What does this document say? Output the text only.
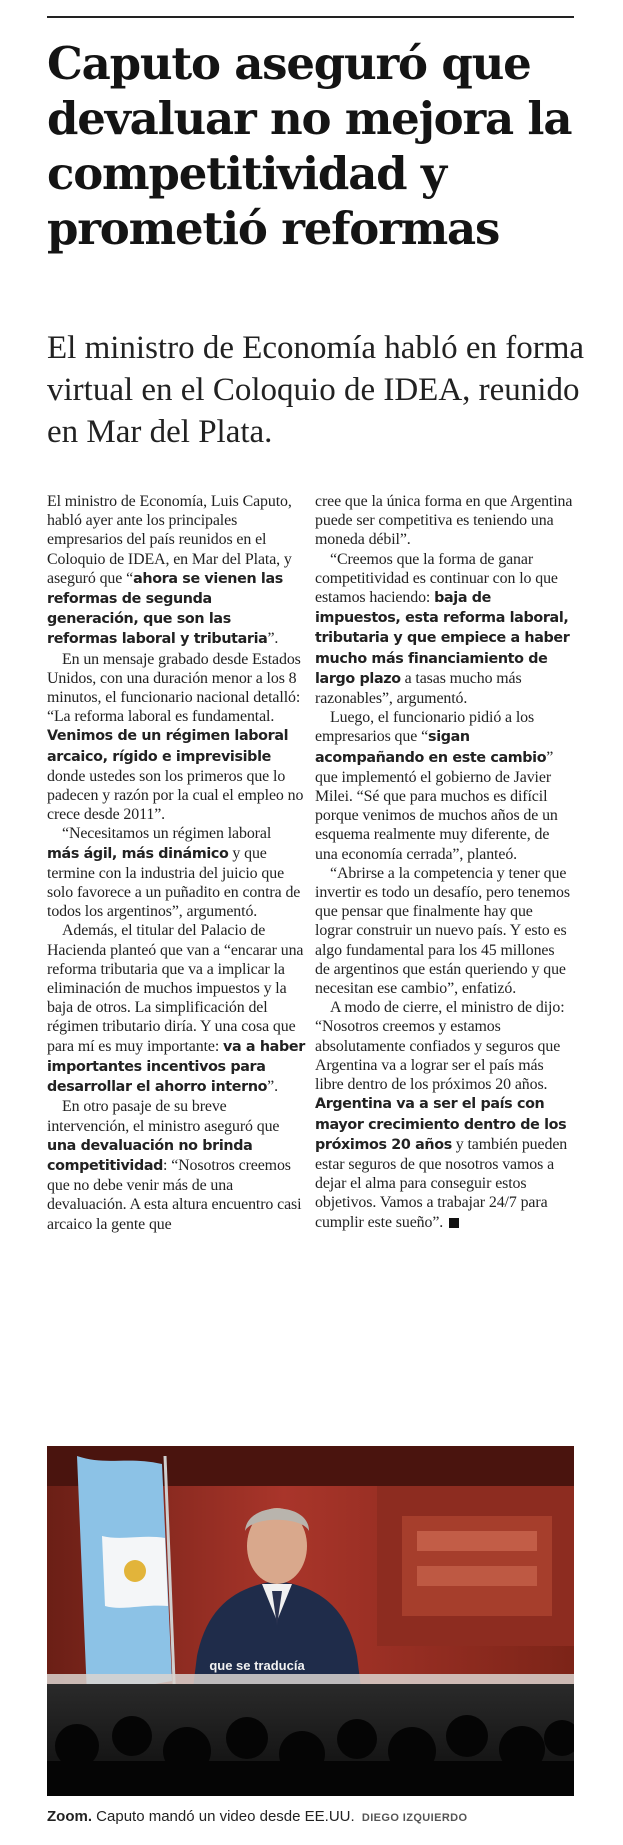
Caputo aseguró que devaluar no mejora la competitividad y prometió reformas

El ministro de Economía habló en forma virtual en el Coloquio de IDEA, reunido en Mar del Plata.

El ministro de Economía, Luis Caputo, habló ayer ante los principales empresarios del país reunidos en el Coloquio de IDEA, en Mar del Plata, y aseguró que “ahora se vienen las reformas de segunda generación, que son las reformas laboral y tributaria”.

En un mensaje grabado desde Estados Unidos, con una duración menor a los 8 minutos, el funcionario nacional detalló: “La reforma laboral es fundamental. Venimos de un régimen laboral arcaico, rígido e imprevisible donde ustedes son los primeros que lo padecen y razón por la cual el empleo no crece desde 2011”.

“Necesitamos un régimen laboral más ágil, más dinámico y que termine con la industria del juicio que solo favorece a un puñadito en contra de todos los argentinos”, argumentó.

Además, el titular del Palacio de Hacienda planteó que van a “encarar una reforma tributaria que va a implicar la eliminación de muchos impuestos y la baja de otros. La simplificación del régimen tributario diría. Y una cosa que para mí es muy importante: va a haber importantes incentivos para desarrollar el ahorro interno”.

En otro pasaje de su breve intervención, el ministro aseguró que una devaluación no brinda competitividad: “Nosotros creemos que no debe venir más de una devaluación. A esta altura encuentro casi arcaico la gente que

cree que la única forma en que Argentina puede ser competitiva es teniendo una moneda débil”.

“Creemos que la forma de ganar competitividad es continuar con lo que estamos haciendo: baja de impuestos, esta reforma laboral, tributaria y que empiece a haber mucho más financiamiento de largo plazo a tasas mucho más razonables”, argumentó.

Luego, el funcionario pidió a los empresarios que “sigan acompañando en este cambio” que implementó el gobierno de Javier Milei. “Sé que para muchos es difícil porque venimos de muchos años de un esquema realmente muy diferente, de una economía cerrada”, planteó.

“Abrirse a la competencia y tener que invertir es todo un desafío, pero tenemos que pensar que finalmente hay que lograr construir un nuevo país. Y esto es algo fundamental para los 45 millones de argentinos que están queriendo y que necesitan ese cambio”, enfatizó.

A modo de cierre, el ministro de dijo: “Nosotros creemos y estamos absolutamente confiados y seguros que Argentina va a lograr ser el país más libre dentro de los próximos 20 años. Argentina va a ser el país con mayor crecimiento dentro de los próximos 20 años y también pueden estar seguros de que nosotros vamos a dejar el alma para conseguir estos objetivos. Vamos a trabajar 24/7 para cumplir este sueño”.

que se traducía

Zoom. Caputo mandó un video desde EE.UU. DIEGO IZQUIERDO
